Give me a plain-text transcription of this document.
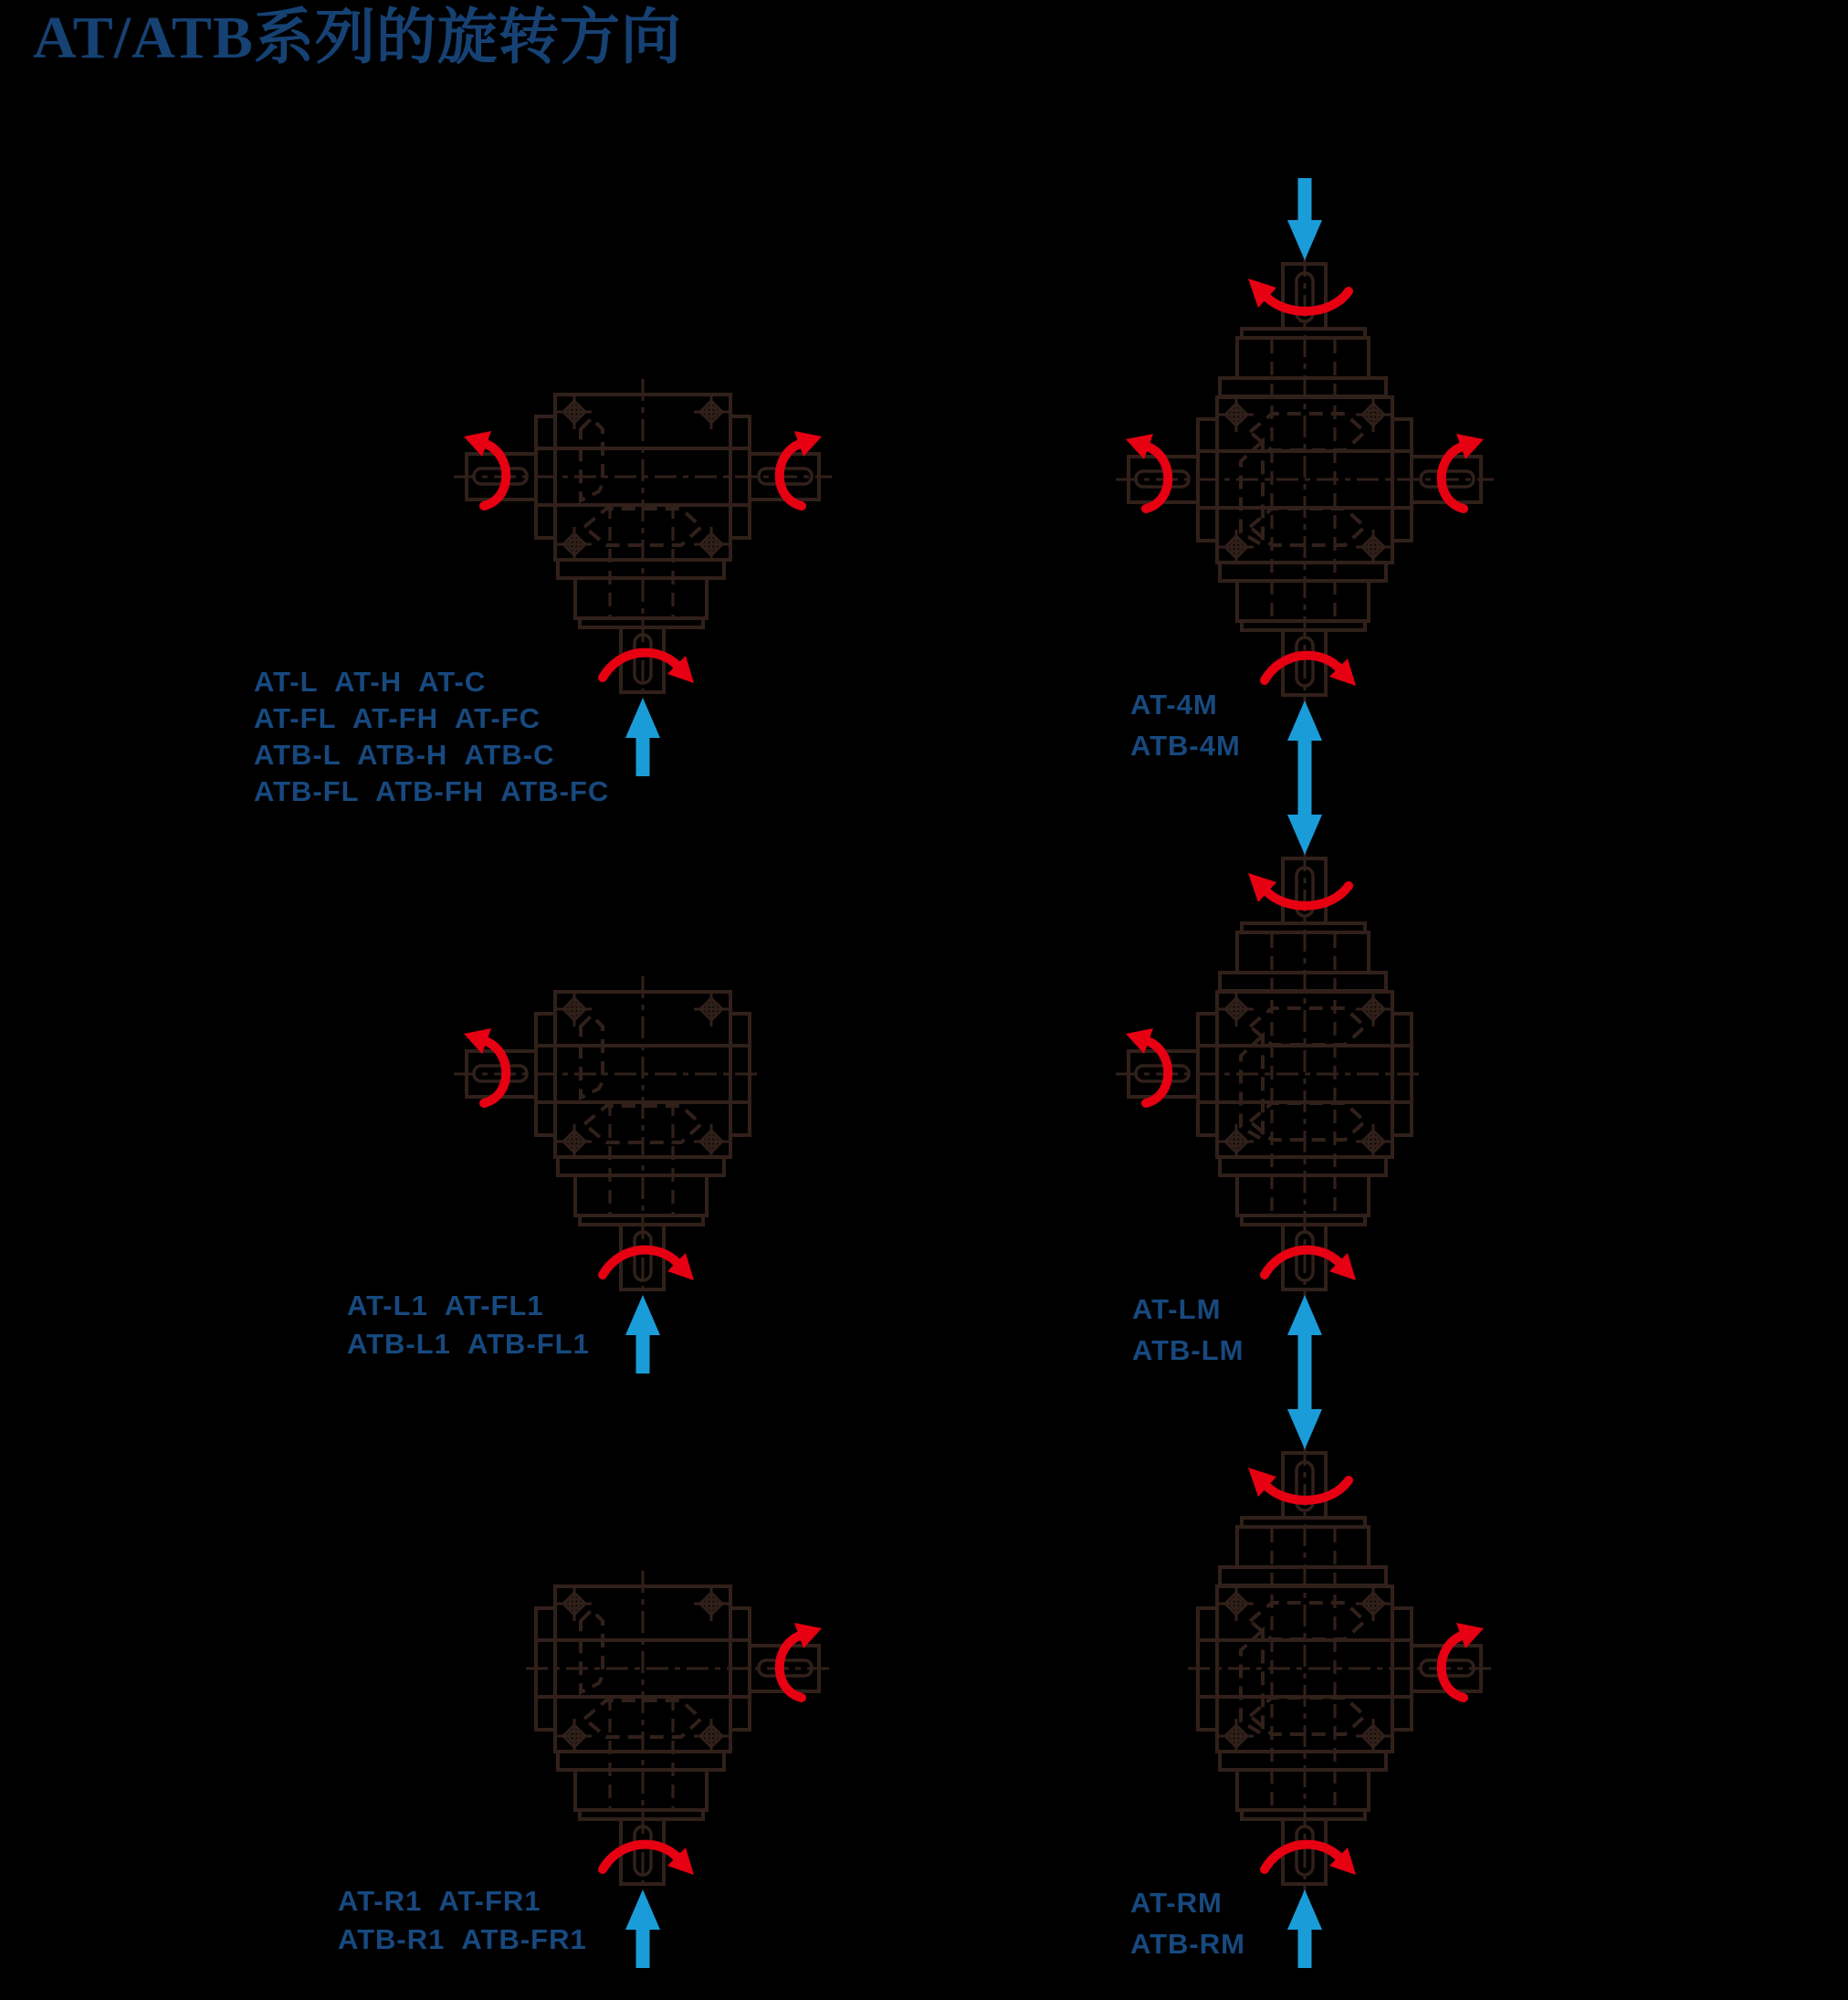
AT/ATB系列的旋转方向
AT-L  AT-H  AT-C
AT-FL  AT-FH  AT-FC
ATB-L  ATB-H  ATB-C
ATB-FL  ATB-FH  ATB-FC
AT-4M
ATB-4M
AT-L1  AT-FL1
ATB-L1  ATB-FL1
AT-LM
ATB-LM
AT-R1  AT-FR1
ATB-R1  ATB-FR1
AT-RM
ATB-RM
